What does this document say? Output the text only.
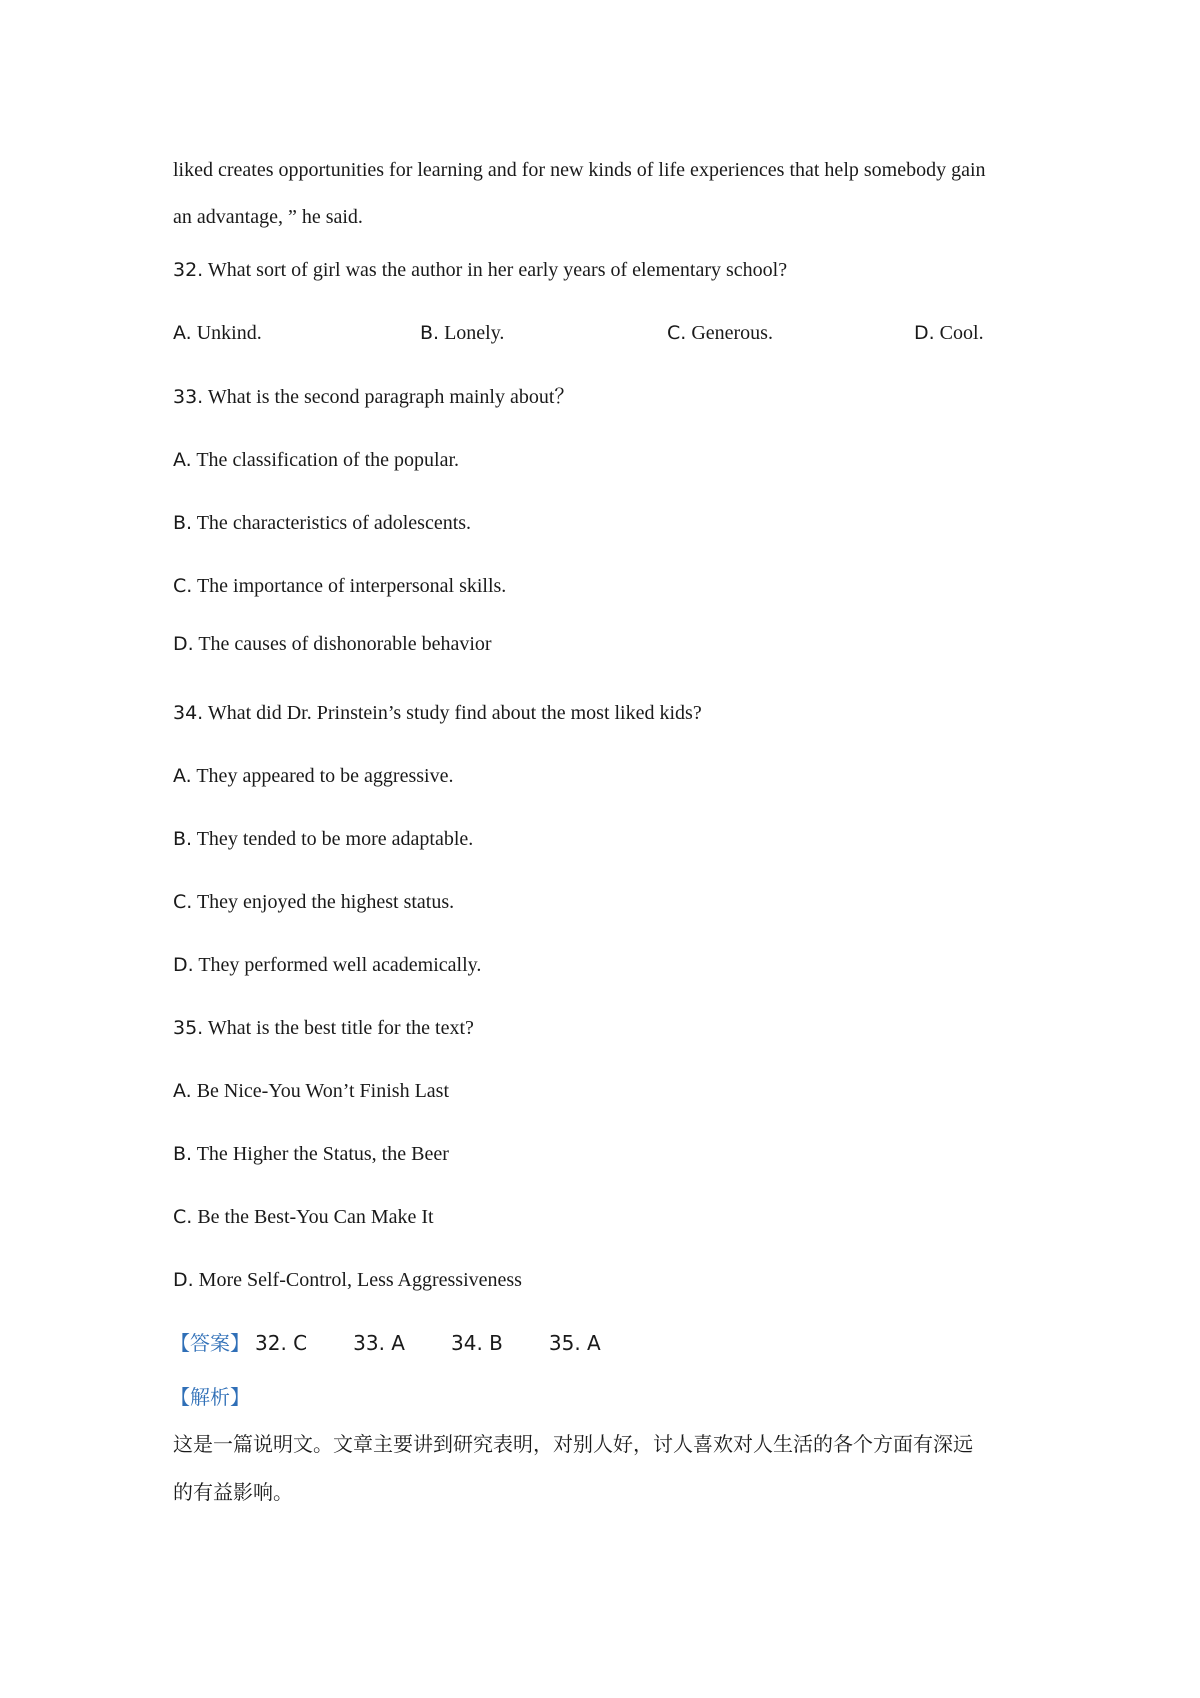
liked creates opportunities for learning and for new kinds of life experiences that help somebody gain
an advantage, ” he said.
32. What sort of girl was the author in her early years of elementary school?
A. Unkind.	B. Lonely.	C. Generous.	D. Cool.
33. What is the second paragraph mainly about？
A. The classification of the popular.
B. The characteristics of adolescents.
C. The importance of interpersonal skills.
D. The causes of dishonorable behavior
34. What did Dr. Prinstein’s study find about the most liked kids?
A. They appeared to be aggressive.
B. They tended to be more adaptable.
C. They enjoyed the highest status.
D. They performed well academically.
35. What is the best title for the text?
A. Be Nice-You Won’t Finish Last
B. The Higher the Status, the Beer
C. Be the Best-You Can Make It
D. More Self-Control, Less Aggressiveness
【答案】 32. C 33. A 34. B 35. A
【解析】
这是一篇说明文。文章主要讲到研究表明，对别人好，讨人喜欢对人生活的各个方面有深远
的有益影响。
